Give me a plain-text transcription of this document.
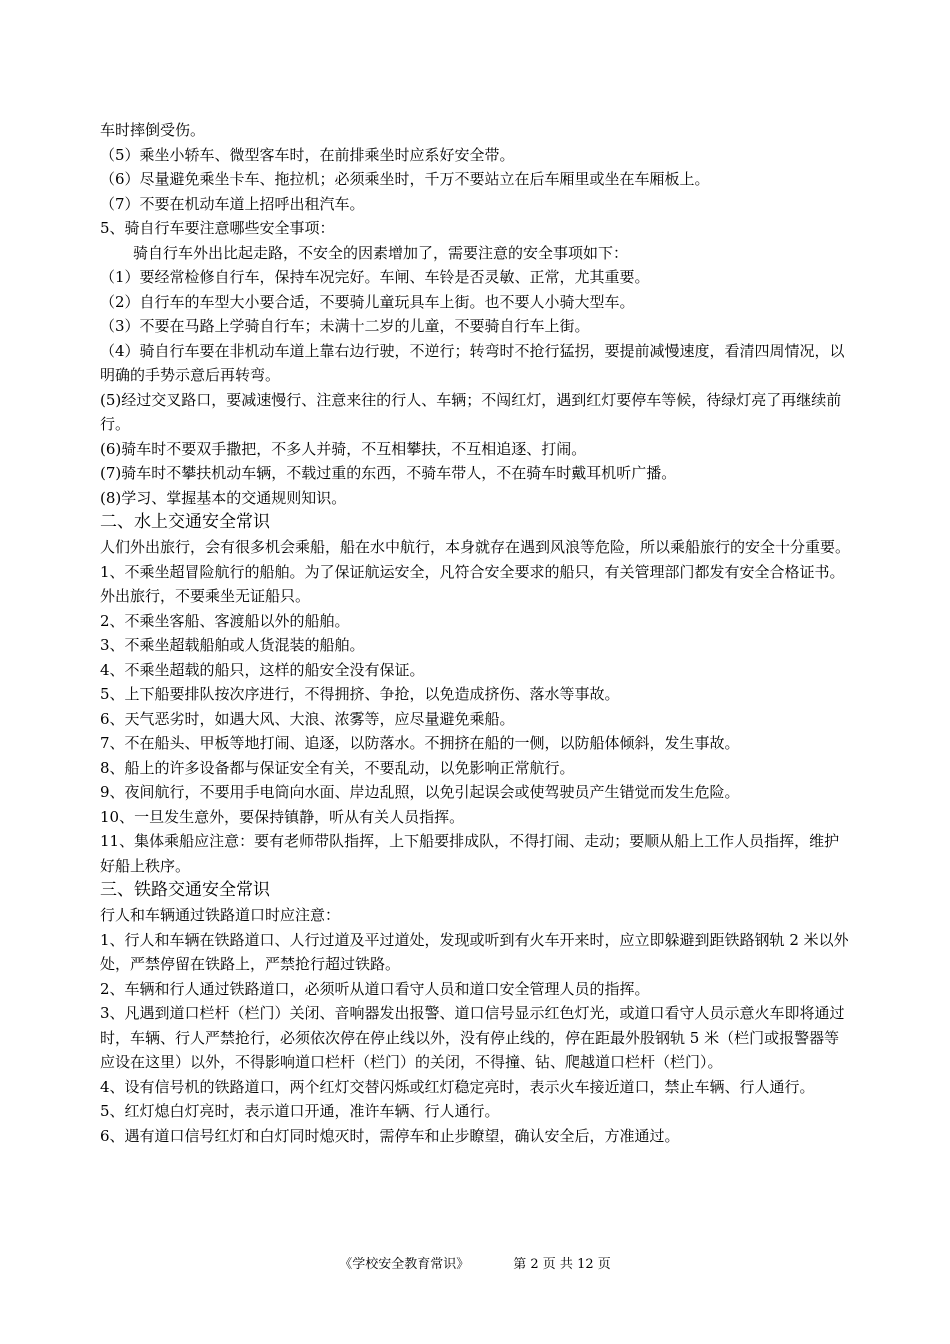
车时摔倒受伤。

（5）乘坐小轿车、微型客车时，在前排乘坐时应系好安全带。

（6）尽量避免乘坐卡车、拖拉机；必须乘坐时，千万不要站立在后车厢里或坐在车厢板上。

（7）不要在机动车道上招呼出租汽车。

5、骑自行车要注意哪些安全事项：

骑自行车外出比起走路，不安全的因素增加了，需要注意的安全事项如下：

（1）要经常检修自行车，保持车况完好。车闸、车铃是否灵敏、正常，尤其重要。

（2）自行车的车型大小要合适，不要骑儿童玩具车上街。也不要人小骑大型车。

（3）不要在马路上学骑自行车；未满十二岁的儿童，不要骑自行车上街。

（4）骑自行车要在非机动车道上靠右边行驶，不逆行；转弯时不抢行猛拐，要提前减慢速度，看清四周情况，以明确的手势示意后再转弯。

(5)经过交叉路口，要减速慢行、注意来往的行人、车辆；不闯红灯，遇到红灯要停车等候，待绿灯亮了再继续前行。

(6)骑车时不要双手撒把，不多人并骑，不互相攀扶，不互相追逐、打闹。

(7)骑车时不攀扶机动车辆，不载过重的东西，不骑车带人，不在骑车时戴耳机听广播。

(8)学习、掌握基本的交通规则知识。

二、水上交通安全常识

人们外出旅行，会有很多机会乘船，船在水中航行，本身就存在遇到风浪等危险，所以乘船旅行的安全十分重要。

1、不乘坐超冒险航行的船舶。为了保证航运安全，凡符合安全要求的船只，有关管理部门都发有安全合格证书。外出旅行，不要乘坐无证船只。

2、不乘坐客船、客渡船以外的船舶。

3、不乘坐超载船舶或人货混装的船舶。

4、不乘坐超载的船只，这样的船安全没有保证。

5、上下船要排队按次序进行，不得拥挤、争抢，以免造成挤伤、落水等事故。

6、天气恶劣时，如遇大风、大浪、浓雾等，应尽量避免乘船。

7、不在船头、甲板等地打闹、追逐，以防落水。不拥挤在船的一侧，以防船体倾斜，发生事故。

8、船上的许多设备都与保证安全有关，不要乱动，以免影响正常航行。

9、夜间航行，不要用手电筒向水面、岸边乱照，以免引起误会或使驾驶员产生错觉而发生危险。

10、一旦发生意外，要保持镇静，听从有关人员指挥。

11、集体乘船应注意：要有老师带队指挥，上下船要排成队，不得打闹、走动；要顺从船上工作人员指挥，维护好船上秩序。

三、铁路交通安全常识

行人和车辆通过铁路道口时应注意：

1、行人和车辆在铁路道口、人行过道及平过道处，发现或听到有火车开来时，应立即躲避到距铁路钢轨 2 米以外处，严禁停留在铁路上，严禁抢行超过铁路。

2、车辆和行人通过铁路道口，必须听从道口看守人员和道口安全管理人员的指挥。

3、凡遇到道口栏杆（栏门）关闭、音响器发出报警、道口信号显示红色灯光，或道口看守人员示意火车即将通过时，车辆、行人严禁抢行，必须依次停在停止线以外，没有停止线的，停在距最外股钢轨 5 米（栏门或报警器等应设在这里）以外，不得影响道口栏杆（栏门）的关闭，不得撞、钻、爬越道口栏杆（栏门）。

4、设有信号机的铁路道口，两个红灯交替闪烁或红灯稳定亮时，表示火车接近道口，禁止车辆、行人通行。

5、红灯熄白灯亮时，表示道口开通，准许车辆、行人通行。

6、遇有道口信号红灯和白灯同时熄灭时，需停车和止步瞭望，确认安全后，方准通过。

《学校安全教育常识》	第 2 页 共 12 页
